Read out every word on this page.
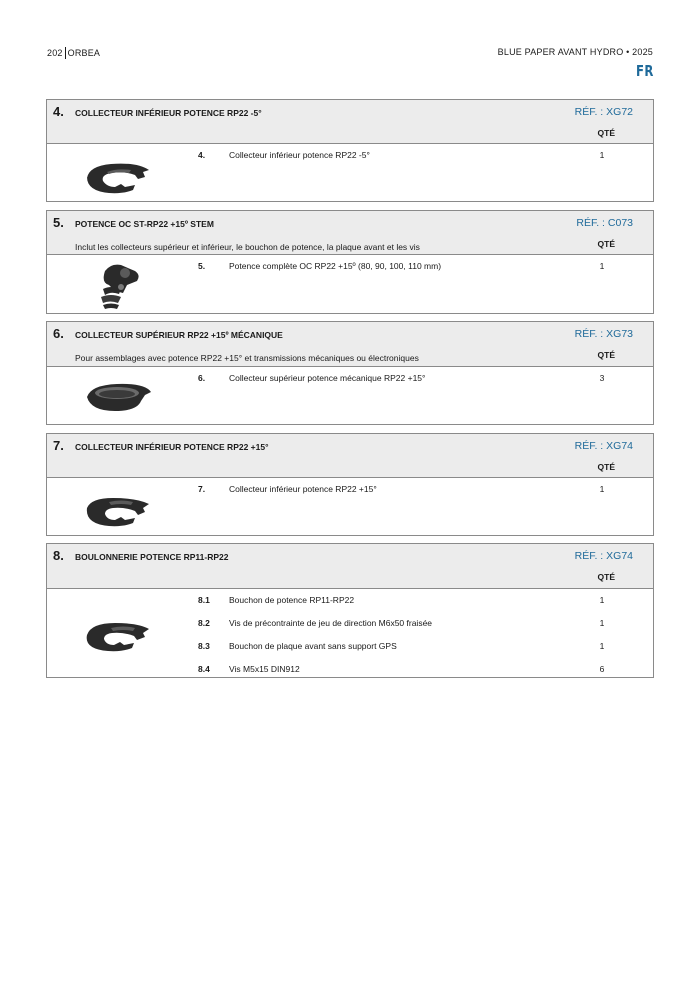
202 ORBEA	BLUE PAPER AVANT HYDRO • 2025
FR
4. COLLECTEUR INFÉRIEUR POTENCE RP22 -5°	RÉF. : XG72
QTÉ
4.	Collecteur inférieur potence RP22 -5°	1
5. POTENCE OC ST-RP22 +15º STEM	RÉF. : C073
Inclut les collecteurs supérieur et inférieur, le bouchon de potence, la plaque avant et les vis	QTÉ
5.	Potence complète OC RP22 +15º (80, 90, 100, 110 mm)	1
6. COLLECTEUR SUPÉRIEUR RP22 +15º MÉCANIQUE	RÉF. : XG73
Pour assemblages avec potence RP22 +15° et transmissions mécaniques ou électroniques	QTÉ
6.	Collecteur supérieur potence mécanique RP22 +15°	3
7. COLLECTEUR INFÉRIEUR POTENCE RP22 +15°	RÉF. : XG74
QTÉ
7.	Collecteur inférieur potence RP22 +15°	1
8. BOULONNERIE POTENCE RP11-RP22	RÉF. : XG74
QTÉ
8.1 Bouchon de potence RP11-RP22	1
8.2 Vis de précontrainte de jeu de direction M6x50 fraisée	1
8.3 Bouchon de plaque avant sans support GPS	1
8.4 Vis M5x15 DIN912	6
